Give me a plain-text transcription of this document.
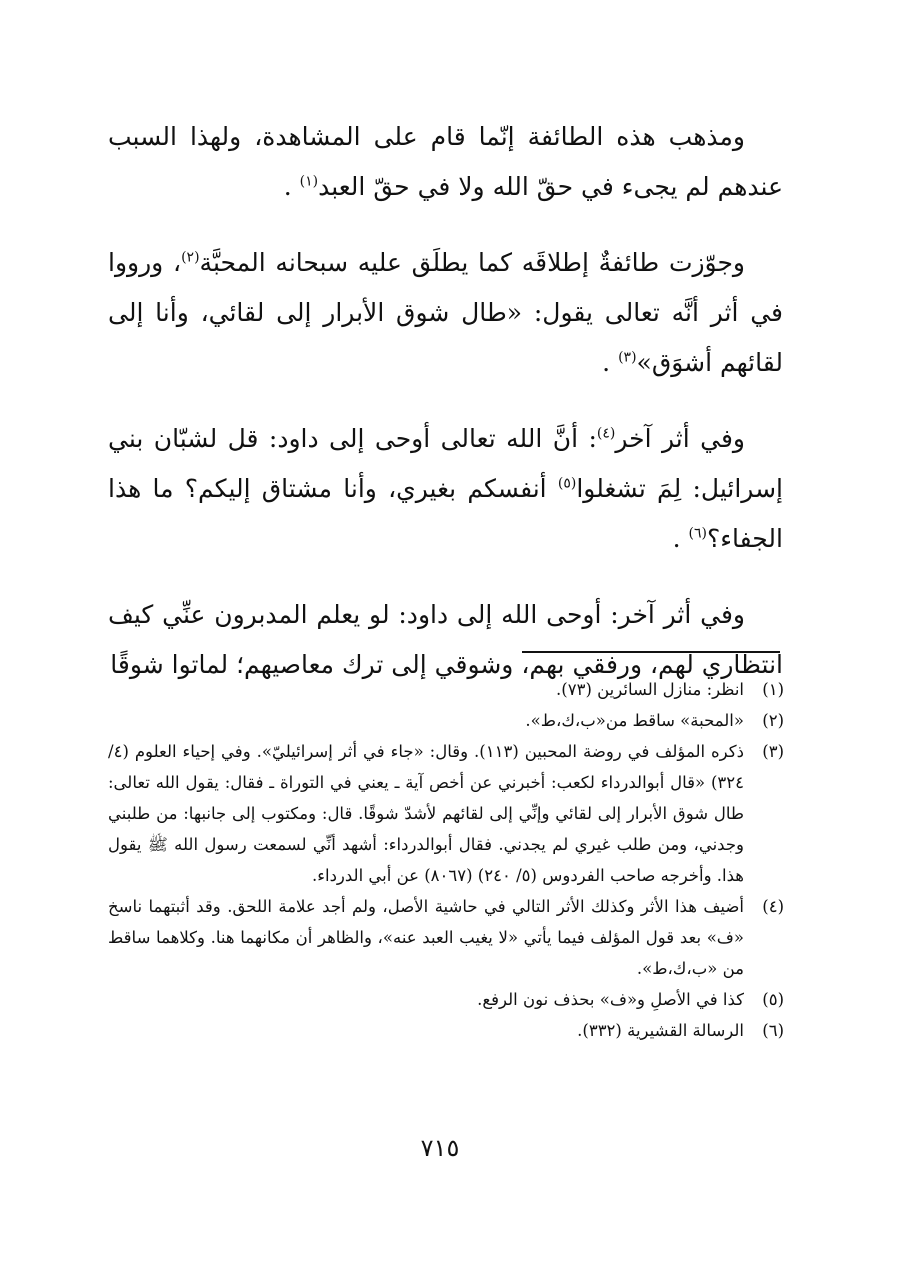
ومذهب هذه الطائفة إنّما قام على المشاهدة، ولهذا السبب عندهم لم يجىء في حقّ الله ولا في حقّ العبد$^{(١)}$ .

وجوّزت طائفةٌ إطلاقَه كما يطلَق عليه سبحانه المحبَّة$^{(٢)}$، ورووا في أثر أنَّه تعالى يقول: «طال شوق الأبرار إلى لقائي، وأنا إلى لقائهم أشوَق»$^{(٣)}$ .

وفي أثر آخر$^{(٤)}$: أنَّ الله تعالى أوحى إلى داود: قل لشبّان بني إسرائيل: لِمَ تشغلوا$^{(٥)}$ أنفسكم بغيري، وأنا مشتاق إليكم؟ ما هذا الجفاء؟$^{(٦)}$ .

وفي أثر آخر: أوحى الله إلى داود: لو يعلم المدبرون عنِّي كيف انتظاري لهم، ورفقي بهم، وشوقي إلى ترك معاصيهم؛ لماتوا شوقًا

(١)
انظر: منازل السائرين (٧٣).
(٢)
«المحبة» ساقط من«ب،ك،ط».
(٣)
ذكره المؤلف في روضة المحبين (١١٣). وقال: «جاء في أثر إسرائيليّ». وفي إحياء العلوم (٤/ ٣٢٤) «قال أبوالدرداء لكعب: أخبرني عن أخص آية ـ يعني في التوراة ـ فقال: يقول الله تعالى: طال شوق الأبرار إلى لقائي وإنِّي إلى لقائهم لأشدّ شوقًا. قال: ومكتوب إلى جانبها: من طلبني وجدني، ومن طلب غيري لم يجدني. فقال أبوالدرداء: أشهد أنِّي لسمعت رسول الله ﷺ يقول هذا. وأخرجه صاحب الفردوس (٥/ ٢٤٠) (٨٠٦٧) عن أبي الدرداء.
(٤)
أضيف هذا الأثر وكذلك الأثر التالي في حاشية الأصل، ولم أجد علامة اللحق. وقد أثبتهما ناسخ «ف» بعد قول المؤلف فيما يأتي «لا يغيب العبد عنه»، والظاهر أن مكانهما هنا. وكلاهما ساقط من «ب،ك،ط».
(٥)
كذا في الأصلِ و«ف» بحذف نون الرفع.
(٦)
الرسالة القشيرية (٣٣٢).
٧١٥
